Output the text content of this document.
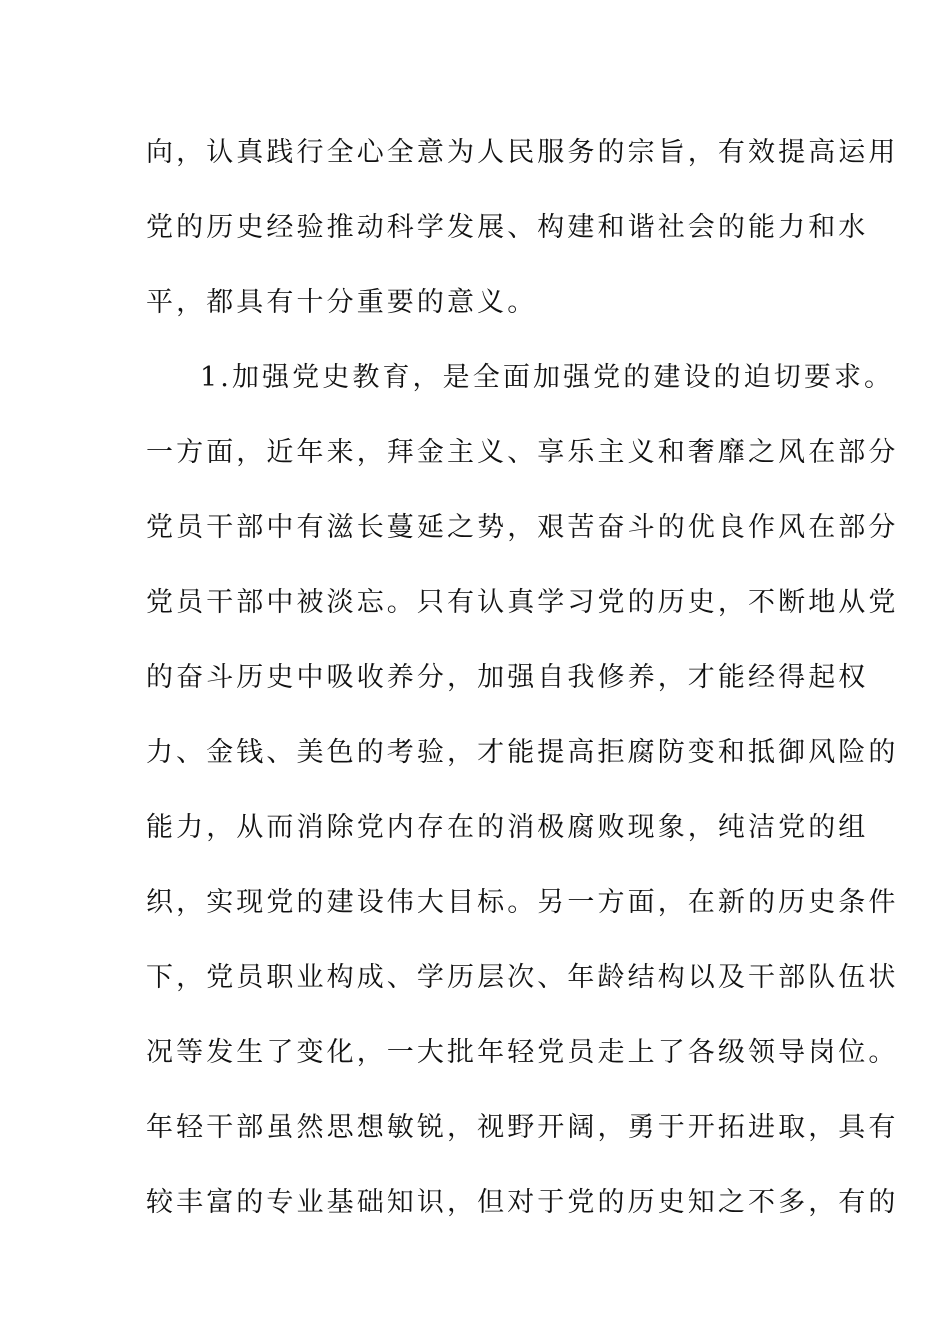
向，认真践行全心全意为人民服务的宗旨，有效提高运用
党的历史经验推动科学发展、构建和谐社会的能力和水
平，都具有十分重要的意义。
1.加强党史教育，是全面加强党的建设的迫切要求。
一方面，近年来，拜金主义、享乐主义和奢靡之风在部分
党员干部中有滋长蔓延之势，艰苦奋斗的优良作风在部分
党员干部中被淡忘。只有认真学习党的历史，不断地从党
的奋斗历史中吸收养分，加强自我修养，才能经得起权
力、金钱、美色的考验，才能提高拒腐防变和抵御风险的
能力，从而消除党内存在的消极腐败现象，纯洁党的组
织，实现党的建设伟大目标。另一方面，在新的历史条件
下，党员职业构成、学历层次、年龄结构以及干部队伍状
况等发生了变化，一大批年轻党员走上了各级领导岗位。
年轻干部虽然思想敏锐，视野开阔，勇于开拓进取，具有
较丰富的专业基础知识，但对于党的历史知之不多，有的
